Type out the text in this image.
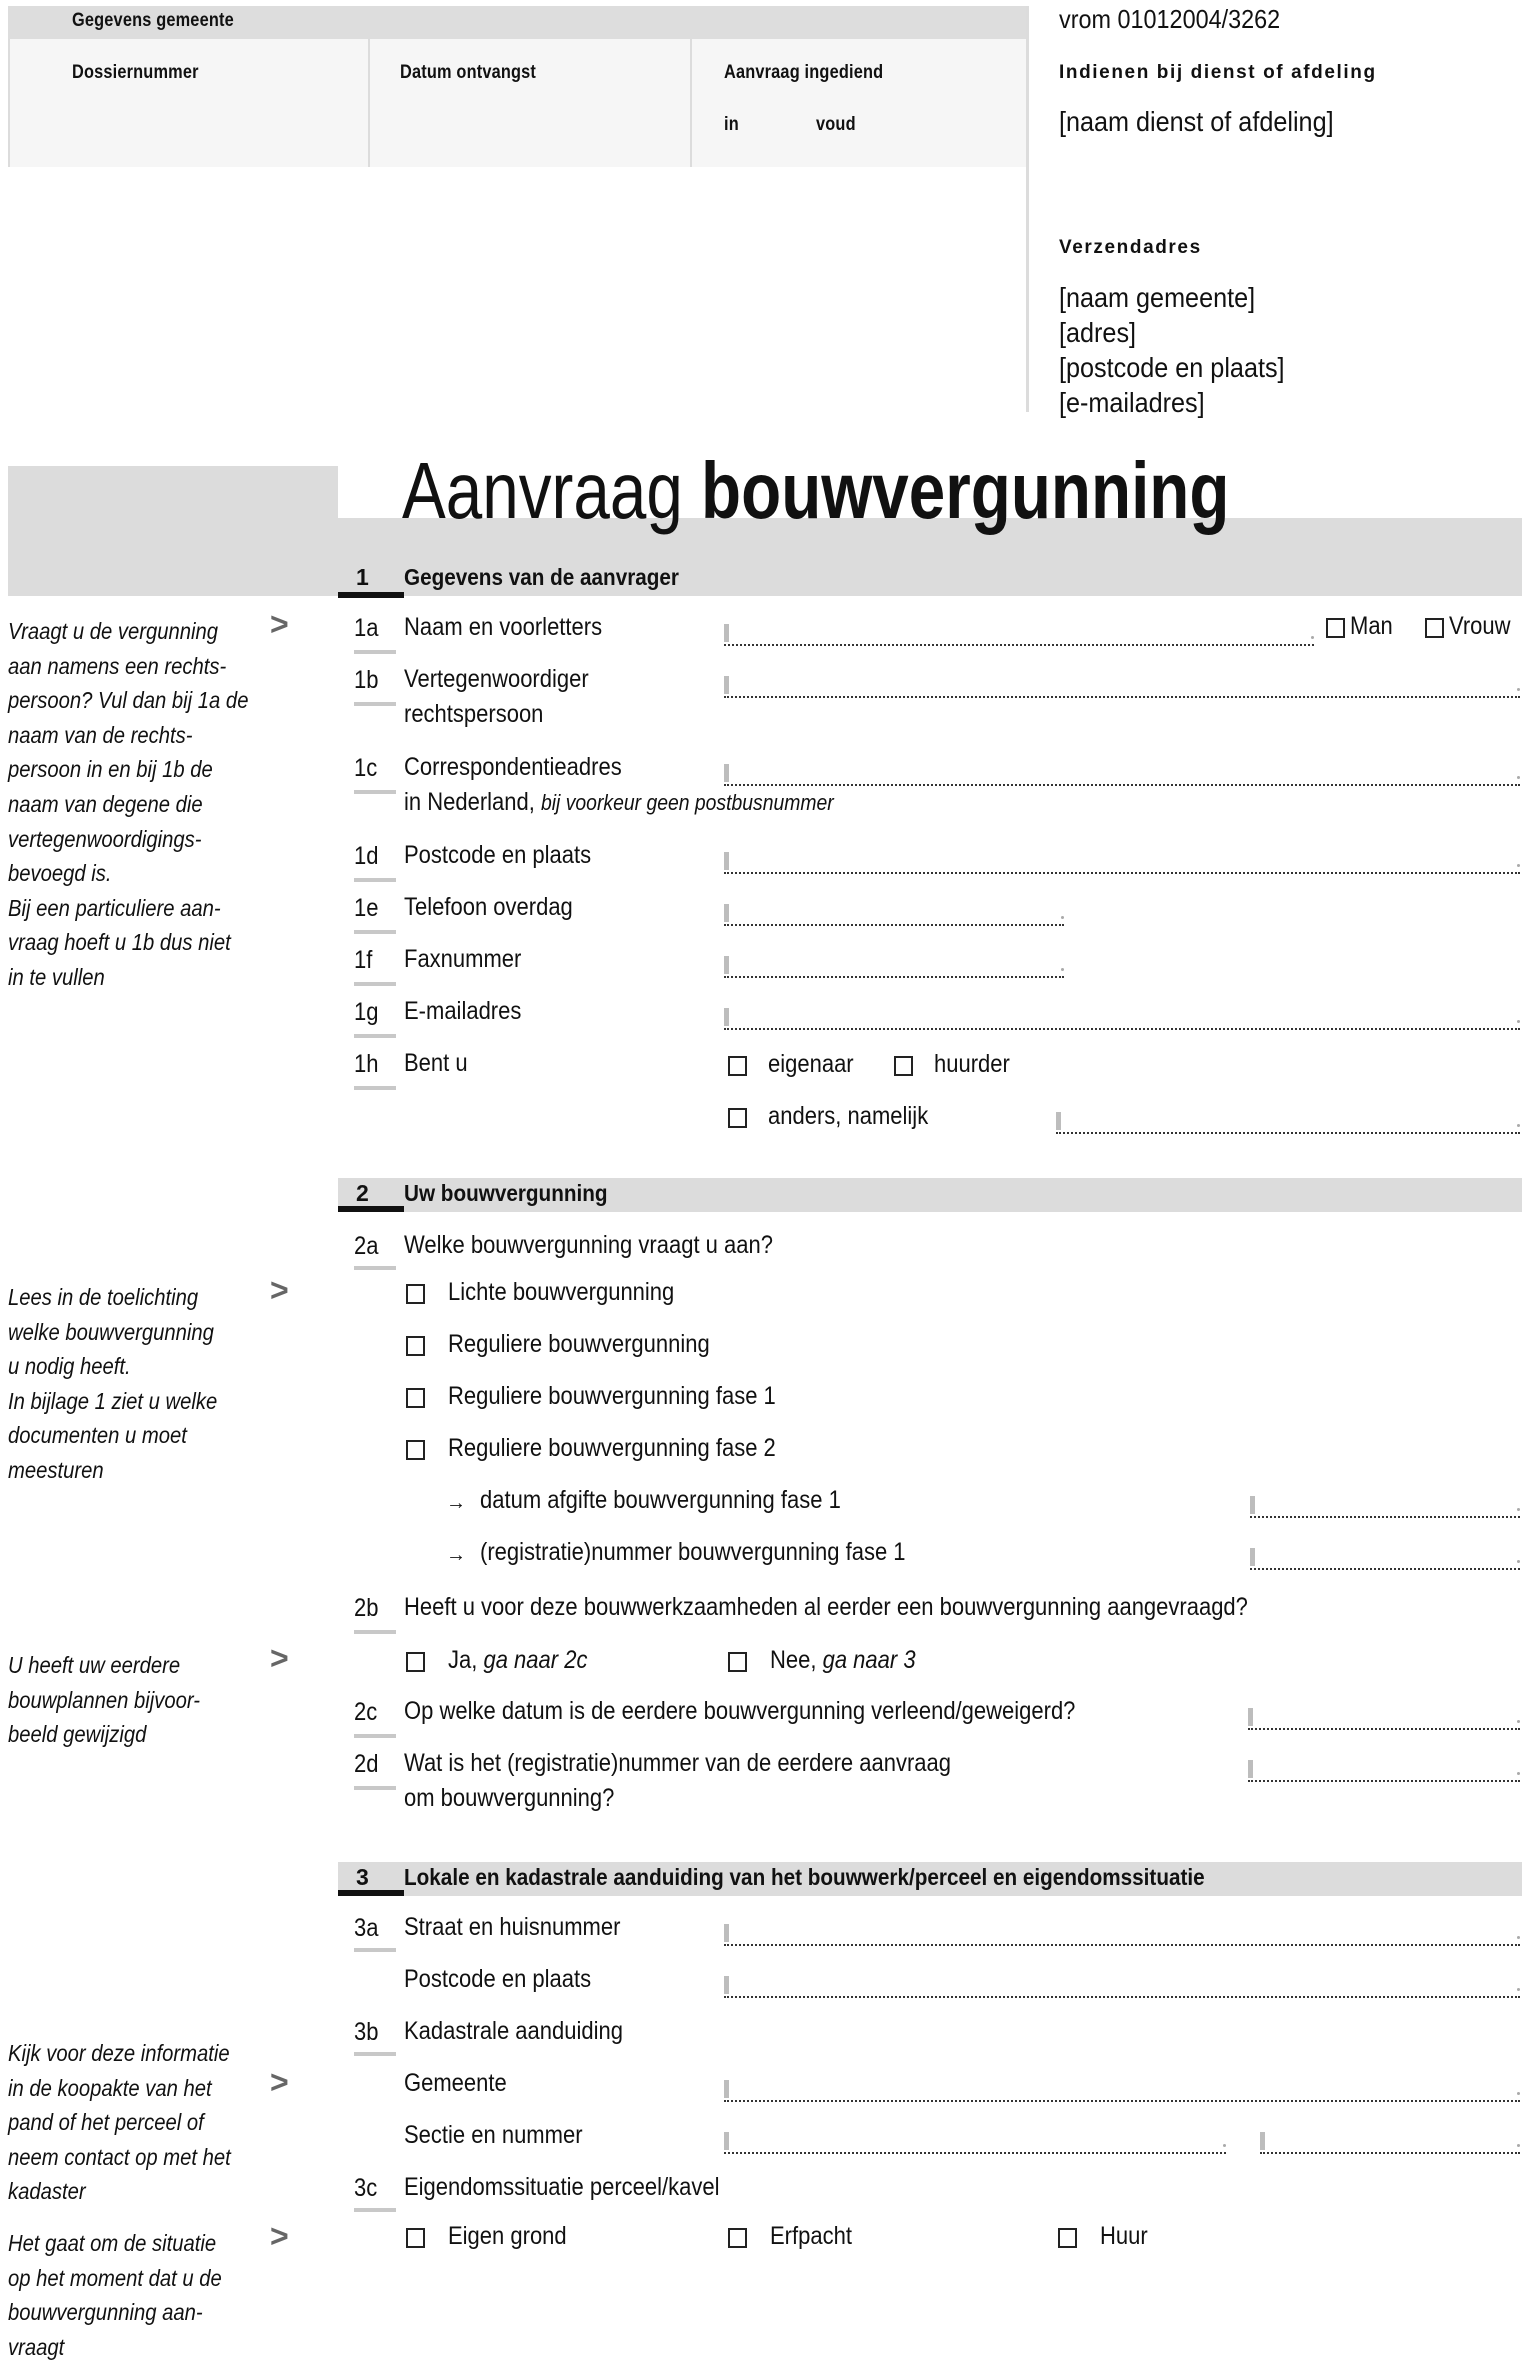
Gegevens gemeente
Dossiernummer	Datum ontvangst	Aanvraag ingediend
in	voud
vrom 01012004/3262
Indienen bij dienst of afdeling
[naam dienst of afdeling]
Verzendadres
[naam gemeente]
[adres]
[postcode en plaats]
[e-mailadres]
Aanvraag bouwvergunning
1 Gegevens van de aanvrager
Vraagt u de vergunning
aan namens een rechts-
persoon? Vul dan bij 1a de
naam van de rechts-
persoon in en bij 1b de
naam van degene die
vertegenwoordigings-
bevoegd is.
Bij een particuliere aan-
vraag hoeft u 1b dus niet
in te vullen
>	1a Naam en voorletters	Man Vrouw
1b Vertegenwoordiger
rechtspersoon
1c Correspondentieadres
in Nederland, bij voorkeur geen postbusnummer
1d Postcode en plaats
1e Telefoon overdag
1f Faxnummer
1g E-mailadres
1h Bent u	eigenaar	huurder
anders, namelijk
2 Uw bouwvergunning
2a Welke bouwvergunning vraagt u aan?
Lees in de toelichting
welke bouwvergunning
u nodig heeft.
In bijlage 1 ziet u welke
documenten u moet
meesturen
>	Lichte bouwvergunning
Reguliere bouwvergunning
Reguliere bouwvergunning fase 1
Reguliere bouwvergunning fase 2
→ datum afgifte bouwvergunning fase 1
→ (registratie)nummer bouwvergunning fase 1
2b Heeft u voor deze bouwwerkzaamheden al eerder een bouwvergunning aangevraagd?
U heeft uw eerdere
bouwplannen bijvoor-
beeld gewijzigd
>	Ja, ga naar 2c	Nee, ga naar 3
2c Op welke datum is de eerdere bouwvergunning verleend/geweigerd?
2d Wat is het (registratie)nummer van de eerdere aanvraag
om bouwvergunning?
3 Lokale en kadastrale aanduiding van het bouwwerk/perceel en eigendomssituatie
3a Straat en huisnummer
Postcode en plaats
3b Kadastrale aanduiding
Kijk voor deze informatie
in de koopakte van het
pand of het perceel of
neem contact op met het
kadaster
>	Gemeente
Sectie en nummer
3c Eigendomssituatie perceel/kavel
Het gaat om de situatie
op het moment dat u de
bouwvergunning aan-
vraagt
>	Eigen grond	Erfpacht	Huur
